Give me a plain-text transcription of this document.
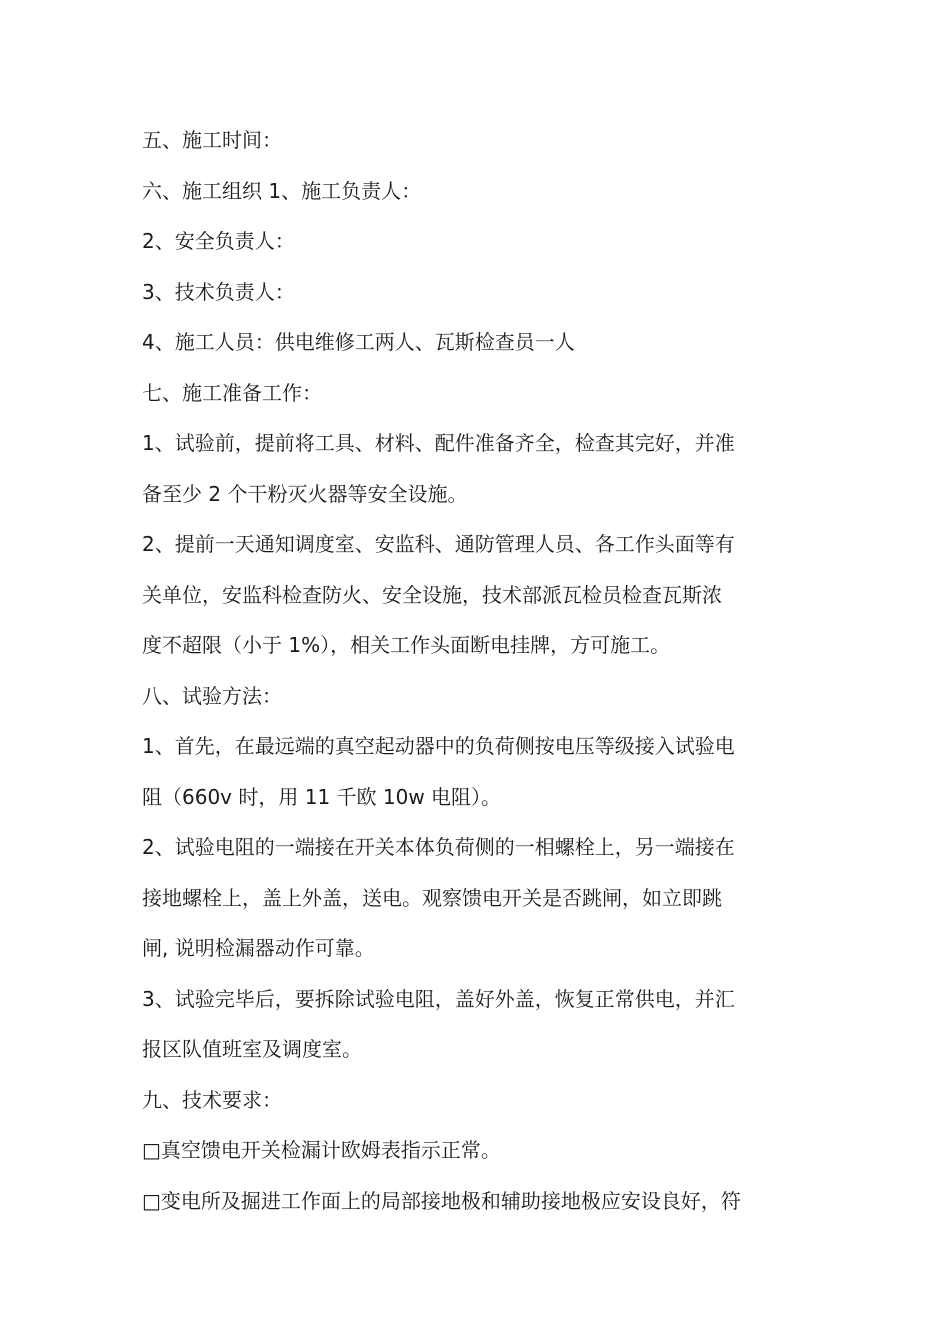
五、施工时间：
六、施工组织 1、施工负责人：
2、安全负责人：
3、技术负责人：
4、施工人员：供电维修工两人、瓦斯检查员一人
七、施工准备工作：
1、试验前，提前将工具、材料、配件准备齐全，检查其完好，并准
备至少 2 个干粉灭火器等安全设施。
2、提前一天通知调度室、安监科、通防管理人员、各工作头面等有
关单位，安监科检查防火、安全设施，技术部派瓦检员检查瓦斯浓
度不超限（小于 1%），相关工作头面断电挂牌，方可施工。
八、试验方法：
1、首先，在最远端的真空起动器中的负荷侧按电压等级接入试验电
阻（660v 时，用 11 千欧 10w 电阻）。
2、试验电阻的一端接在开关本体负荷侧的一相螺栓上，另一端接在
接地螺栓上，盖上外盖，送电。观察馈电开关是否跳闸，如立即跳
闸, 说明检漏器动作可靠。
3、试验完毕后，要拆除试验电阻，盖好外盖，恢复正常供电，并汇
报区队值班室及调度室。
九、技术要求：
□真空馈电开关检漏计欧姆表指示正常。
□变电所及掘进工作面上的局部接地极和辅助接地极应安设良好，符
